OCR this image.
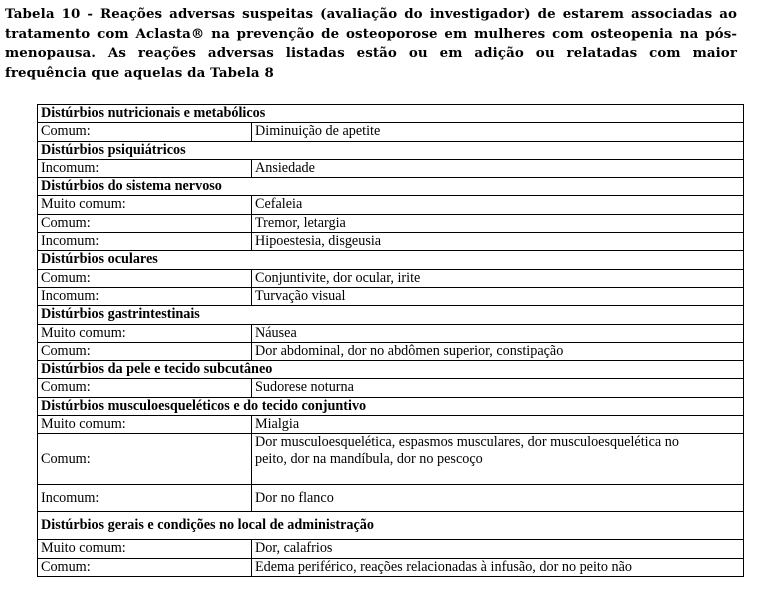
Tabela 10 - Reações adversas suspeitas (avaliação do investigador) de estarem associadas ao tratamento com Aclasta® na prevenção de osteoporose em mulheres com osteopenia na pós-menopausa. As reações adversas listadas estão ou em adição ou relatadas com maior frequência que aquelas da Tabela 8
Distúrbios nutricionais e metabólicos	
Comum:	Diminuição de apetite
Distúrbios psiquiátricos	
Incomum:	Ansiedade
Distúrbios do sistema nervoso	
Muito comum:	Cefaleia
Comum:	Tremor, letargia
Incomum:	Hipoestesia, disgeusia
Distúrbios oculares	
Comum:	Conjuntivite, dor ocular, irite
Incomum:	Turvação visual
Distúrbios gastrintestinais	
Muito comum:	Náusea
Comum:	Dor abdominal, dor no abdômen superior, constipação
Distúrbios da pele e tecido subcutâneo	
Comum:	Sudorese noturna
Distúrbios musculoesqueléticos e do tecido conjuntivo	
Muito comum:	Mialgia
Comum:	Dor musculoesquelética, espasmos musculares, dor musculoesquelética no peito, dor na mandíbula, dor no pescoço
Incomum:	Dor no flanco
Distúrbios gerais e condições no local de administração	
Muito comum:	Dor, calafrios
Comum:	Edema periférico, reações relacionadas à infusão, dor no peito não
